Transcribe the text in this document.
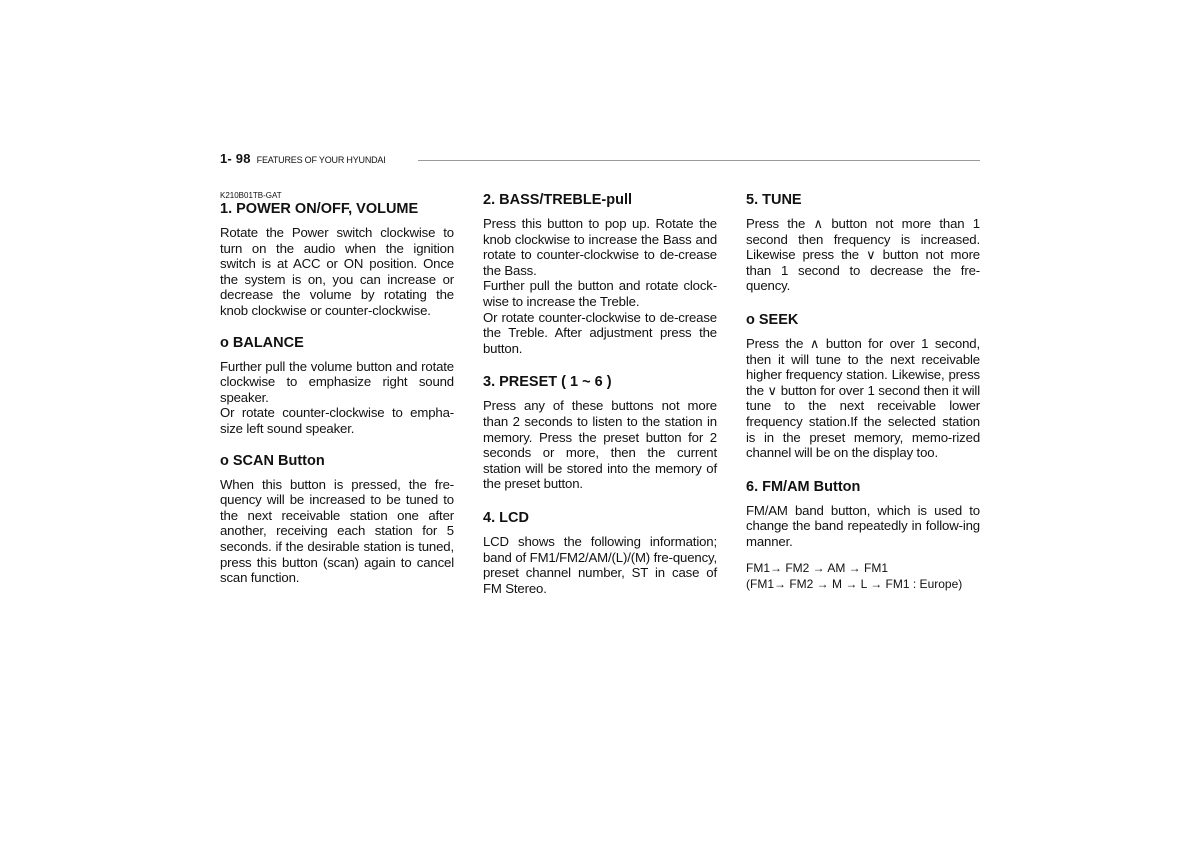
1- 98 FEATURES OF YOUR HYUNDAI
K210B01TB-GAT
1. POWER ON/OFF, VOLUME

Rotate the Power switch clockwise to turn on the audio when the ignition switch is at ACC or ON position. Once the system is on, you can increase or decrease the volume by rotating the knob clockwise or counter-clockwise.

o BALANCE

Further pull the volume button and rotate clockwise to emphasize right sound speaker.

Or rotate counter-clockwise to empha-size left sound speaker.

o SCAN Button

When this button is pressed, the fre-quency will be increased to be tuned to the next receivable station one after another, receiving each station for 5 seconds. if the desirable station is tuned, press this button (scan) again to cancel scan function.

2. BASS/TREBLE-pull

Press this button to pop up. Rotate the knob clockwise to increase the Bass and rotate to counter-clockwise to de-crease the Bass.

Further pull the button and rotate clock-wise to increase the Treble.

Or rotate counter-clockwise to de-crease the Treble. After adjustment press the button.

3. PRESET ( 1 ~ 6 )

Press any of these buttons not more than 2 seconds to listen to the station in memory. Press the preset button for 2 seconds or more, then the current station will be stored into the memory of the preset button.

4. LCD

LCD shows the following information; band of FM1/FM2/AM/(L)/(M) fre-quency, preset channel number, ST in case of FM Stereo.

5. TUNE

Press the ∧ button not more than 1 second then frequency is increased. Likewise press the ∨ button not more than 1 second to decrease the fre-quency.

o SEEK

Press the ∧ button for over 1 second, then it will tune to the next receivable higher frequency station. Likewise, press the ∨ button for over 1 second then it will tune to the next receivable lower frequency station.If the selected station is in the preset memory, memo-rized channel will be on the display too.

6. FM/AM Button

FM/AM band button, which is used to change the band repeatedly in follow-ing manner.

FM1→ FM2 → AM → FM1
(FM1→ FM2 → M → L → FM1 : Europe)
